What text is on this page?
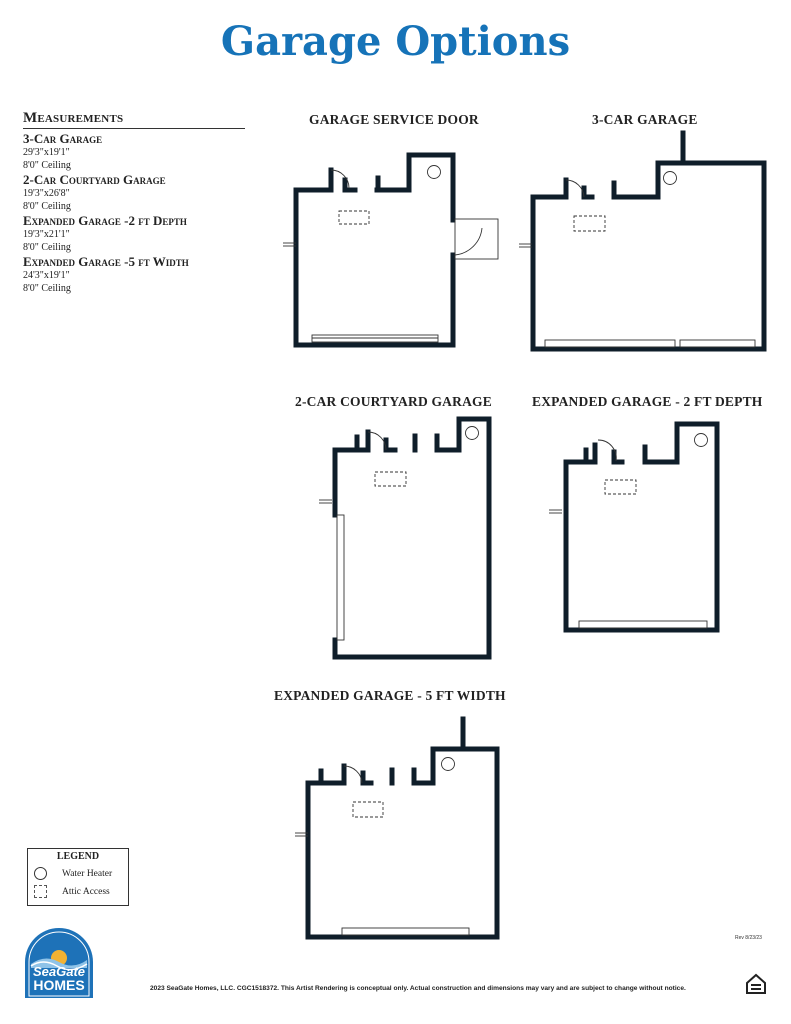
Garage Options
Measurements
3-Car Garage
29'3"x19'1"
8'0" Ceiling
2-Car Courtyard Garage
19'3"x26'8"
8'0" Ceiling
Expanded Garage -2 ft Depth
19'3"x21'1"
8'0" Ceiling
Expanded Garage -5 ft Width
24'3"x19'1"
8'0" Ceiling
GARAGE SERVICE DOOR	3-CAR GARAGE
2-CAR COURTYARD GARAGE	EXPANDED GARAGE - 2 FT DEPTH
EXPANDED GARAGE - 5 FT WIDTH
LEGEND
Water Heater
Attic Access
SeaGate
HOMES
Rev 8/23/23
2023 SeaGate Homes, LLC. CGC1518372. This Artist Rendering is conceptual only. Actual construction and dimensions may vary and are subject to change without notice.
